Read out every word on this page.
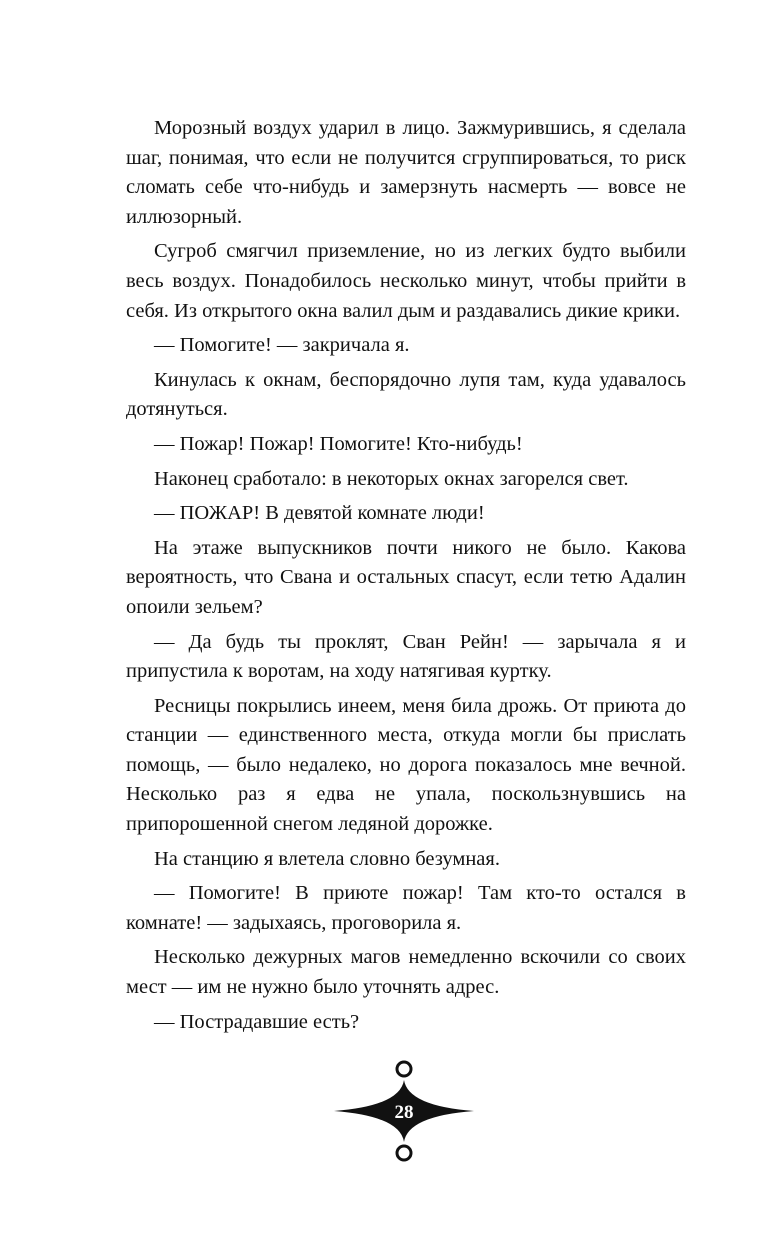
Морозный воздух ударил в лицо. Зажмурившись, я сделала шаг, понимая, что если не получится сгруппироваться, то риск сломать себе что-нибудь и замерзнуть насмерть — вовсе не иллюзорный.

Сугроб смягчил приземление, но из легких будто выбили весь воздух. Понадобилось несколько минут, чтобы прийти в себя. Из открытого окна валил дым и раздавались дикие крики.

— Помогите! — закричала я.

Кинулась к окнам, беспорядочно лупя там, куда удавалось дотянуться.

— Пожар! Пожар! Помогите! Кто-нибудь!

Наконец сработало: в некоторых окнах загорелся свет.

— ПОЖАР! В девятой комнате люди!

На этаже выпускников почти никого не было. Какова вероятность, что Свана и остальных спасут, если тетю Адалин опоили зельем?

— Да будь ты проклят, Сван Рейн! — зарычала я и припустила к воротам, на ходу натягивая куртку.

Ресницы покрылись инеем, меня била дрожь. От приюта до станции — единственного места, откуда могли бы прислать помощь, — было недалеко, но дорога показалось мне вечной. Несколько раз я едва не упала, поскользнувшись на припорошенной снегом ледяной дорожке.

На станцию я влетела словно безумная.

— Помогите! В приюте пожар! Там кто-то остался в комнате! — задыхаясь, проговорила я.

Несколько дежурных магов немедленно вскочили со своих мест — им не нужно было уточнять адрес.

— Пострадавшие есть?

28
